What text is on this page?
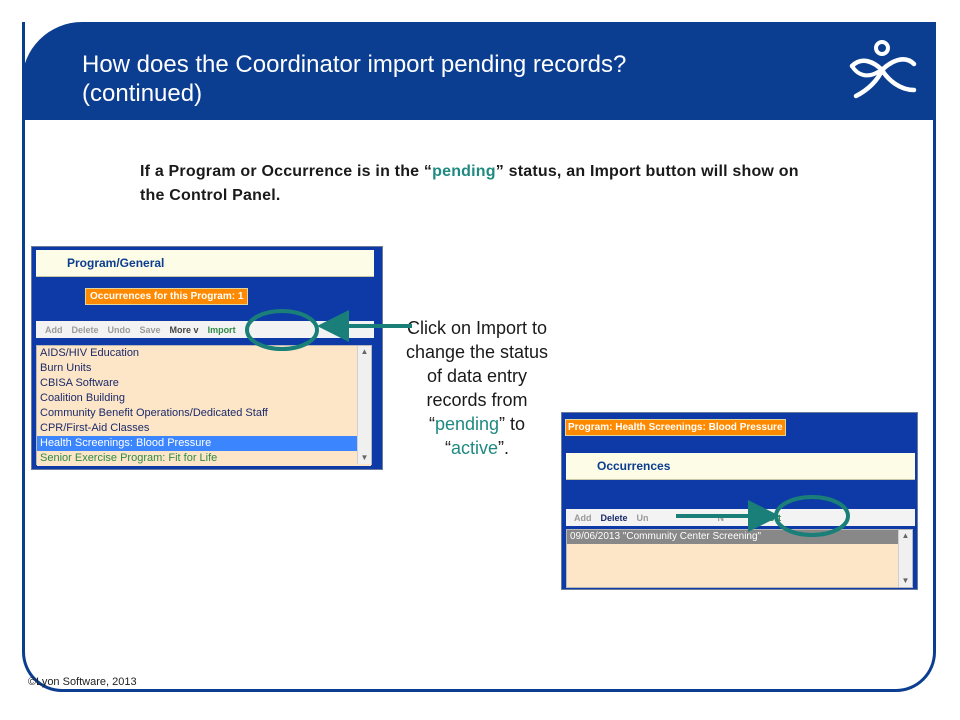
How does the Coordinator import pending records?
(continued)
If a Program or Occurrence is in the “pending” status, an Import button will show on the Control Panel.
Program/General
Occurrences for this Program: 1
Add Delete Undo Save More v Import
AIDS/HIV Education
Burn Units
CBISA Software
Coalition Building
Community Benefit Operations/Dedicated Staff
CPR/First-Aid Classes
Health Screenings: Blood Pressure
Senior Exercise Program: Fit for Life
▲
▼
Program: Health Screenings: Blood Pressure
Occurrences
Add Delete Un	N	Import
09/06/2013 "Community Center Screening"	▲
▼
Click on Import to change the status of data entry records from “pending” to “active”.
©Lyon Software, 2013
